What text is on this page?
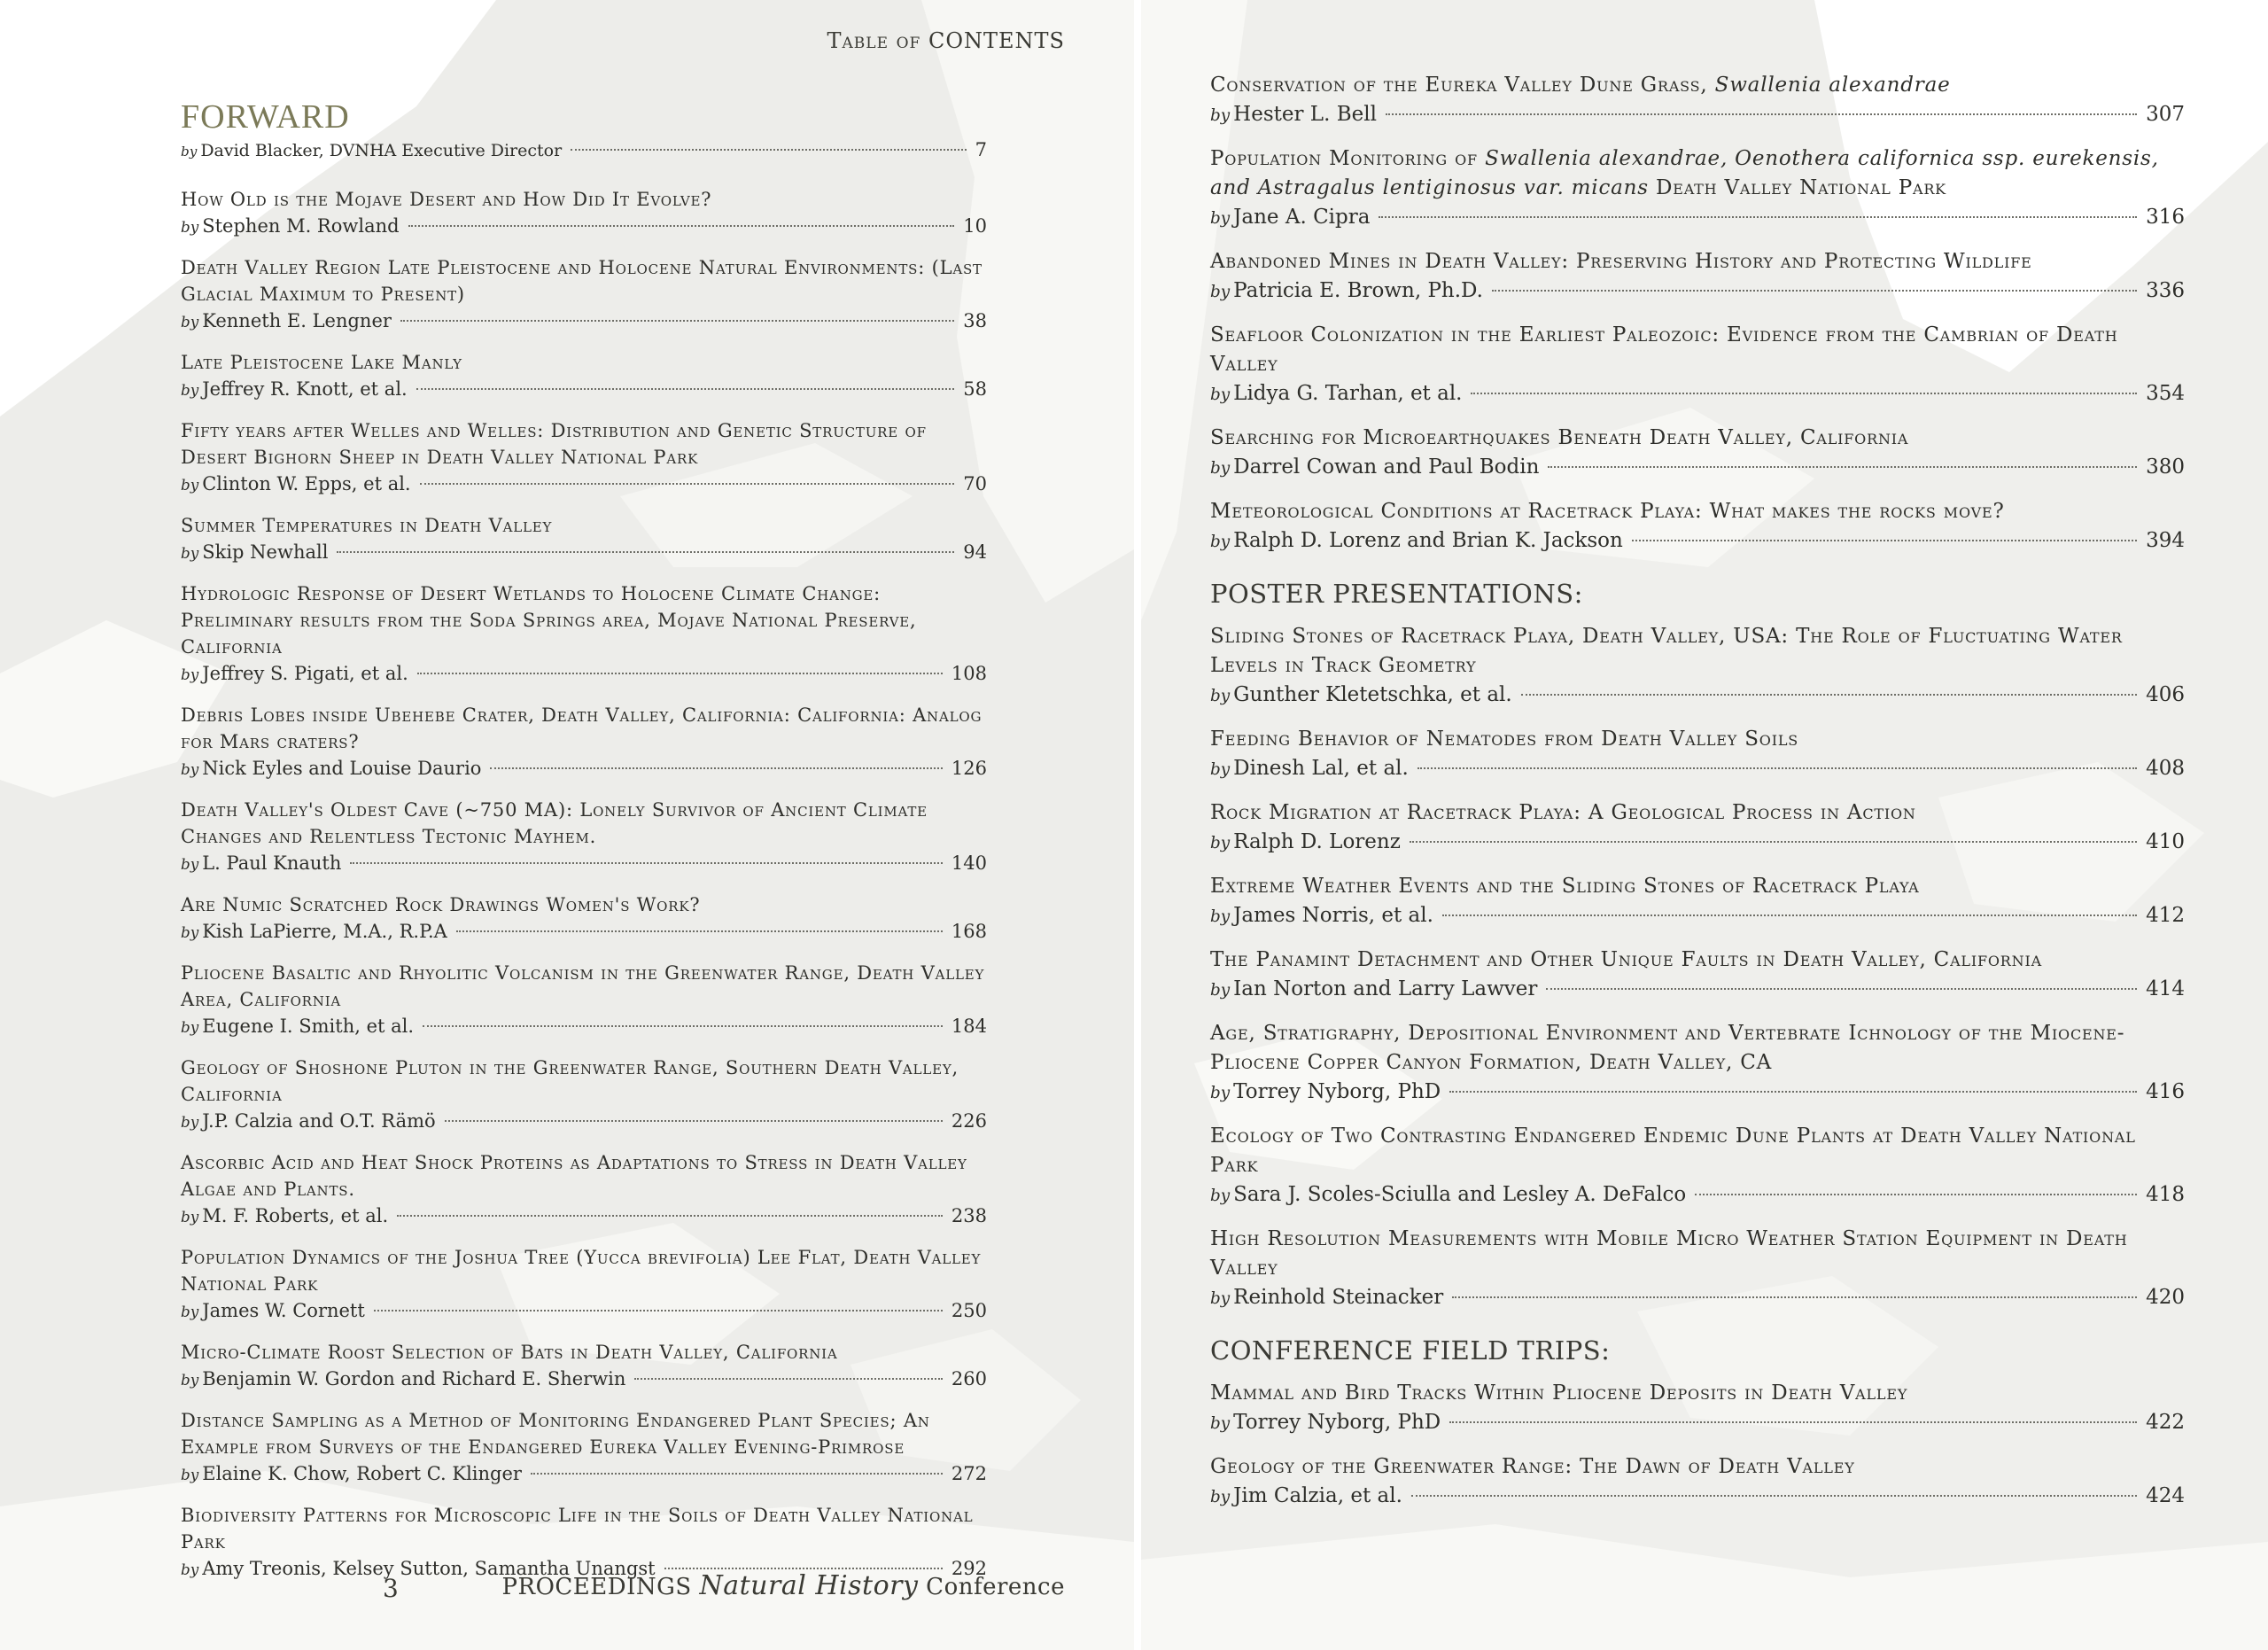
Table of CONTENTS
FORWARD
by David Blacker, DVNHA Executive Director	7
How Old is the Mojave Desert and How Did It Evolve?
by Stephen M. Rowland	10
Death Valley Region Late Pleistocene and Holocene Natural Environments: (Last Glacial Maximum to Present)
by Kenneth E. Lengner	38
Late Pleistocene Lake Manly
by Jeffrey R. Knott, et al.	58
Fifty years after Welles and Welles: Distribution and Genetic Structure of Desert Bighorn Sheep in Death Valley National Park
by Clinton W. Epps, et al.	70
Summer Temperatures in Death Valley
by Skip Newhall	94
Hydrologic Response of Desert Wetlands to Holocene Climate Change: Preliminary results from the Soda Springs area, Mojave National Preserve, California
by Jeffrey S. Pigati, et al.	108
Debris Lobes inside Ubehebe Crater, Death Valley, California: California: Analog for Mars craters?
by Nick Eyles and Louise Daurio	126
Death Valley's Oldest Cave (~750 MA): Lonely Survivor of Ancient Climate Changes and Relentless Tectonic Mayhem.
by L. Paul Knauth	140
Are Numic Scratched Rock Drawings Women's Work?
by Kish LaPierre, M.A., R.P.A	168
Pliocene Basaltic and Rhyolitic Volcanism in the Greenwater Range, Death Valley Area, California
by Eugene I. Smith, et al.	184
Geology of Shoshone Pluton in the Greenwater Range, Southern Death Valley, California
by J.P. Calzia and O.T. Rämö	226
Ascorbic Acid and Heat Shock Proteins as Adaptations to Stress in Death Valley Algae and Plants.
by M. F. Roberts, et al.	238
Population Dynamics of the Joshua Tree (Yucca brevifolia) Lee Flat, Death Valley National Park
by James W. Cornett	250
Micro-Climate Roost Selection of Bats in Death Valley, California
by Benjamin W. Gordon and Richard E. Sherwin	260
Distance Sampling as a Method of Monitoring Endangered Plant Species; An Example from Surveys of the Endangered Eureka Valley Evening-Primrose
by Elaine K. Chow, Robert C. Klinger	272
Biodiversity Patterns for Microscopic Life in the Soils of Death Valley National Park
by Amy Treonis, Kelsey Sutton, Samantha Unangst	292
3	PROCEEDINGS Natural History Conference
Conservation of the Eureka Valley Dune Grass, Swallenia alexandrae
by Hester L. Bell	307
Population Monitoring of Swallenia alexandrae, Oenothera californica ssp. eurekensis, and Astragalus lentiginosus var. micans Death Valley National Park
by Jane A. Cipra	316
Abandoned Mines in Death Valley: Preserving History and Protecting Wildlife
by Patricia E. Brown, Ph.D.	336
Seafloor Colonization in the Earliest Paleozoic: Evidence from the Cambrian of Death Valley
by Lidya G. Tarhan, et al.	354
Searching for Microearthquakes Beneath Death Valley, California
by Darrel Cowan and Paul Bodin	380
Meteorological Conditions at Racetrack Playa: What makes the rocks move?
by Ralph D. Lorenz and Brian K. Jackson	394
POSTER PRESENTATIONS:
Sliding Stones of Racetrack Playa, Death Valley, USA: The Role of Fluctuating Water Levels in Track Geometry
by Gunther Kletetschka, et al.	406
Feeding Behavior of Nematodes from Death Valley Soils
by Dinesh Lal, et al.	408
Rock Migration at Racetrack Playa: A Geological Process in Action
by Ralph D. Lorenz	410
Extreme Weather Events and the Sliding Stones of Racetrack Playa
by James Norris, et al.	412
The Panamint Detachment and Other Unique Faults in Death Valley, California
by Ian Norton and Larry Lawver	414
Age, Stratigraphy, Depositional Environment and Vertebrate Ichnology of the Miocene-Pliocene Copper Canyon Formation, Death Valley, CA
by Torrey Nyborg, PhD	416
Ecology of Two Contrasting Endangered Endemic Dune Plants at Death Valley National Park
by Sara J. Scoles-Sciulla and Lesley A. DeFalco	418
High Resolution Measurements with Mobile Micro Weather Station Equipment in Death Valley
by Reinhold Steinacker	420
CONFERENCE FIELD TRIPS:
Mammal and Bird Tracks Within Pliocene Deposits in Death Valley
by Torrey Nyborg, PhD	422
Geology of the Greenwater Range: The Dawn of Death Valley
by Jim Calzia, et al.	424
